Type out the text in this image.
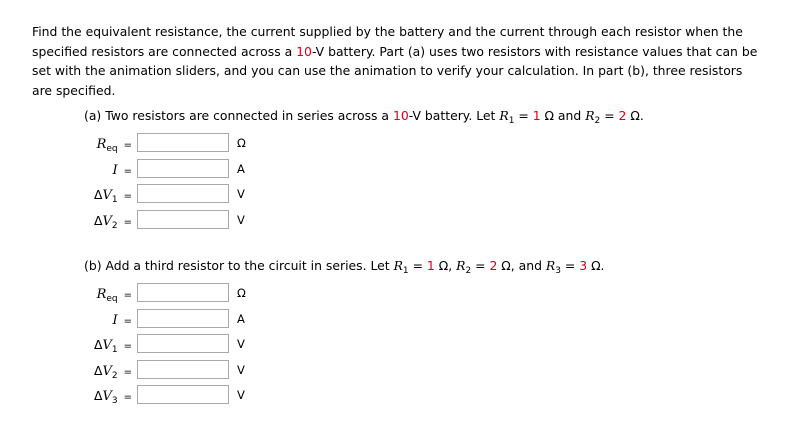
Find the equivalent resistance, the current supplied by the battery and the current through each resistor when the specified resistors are connected across a 10-V battery. Part (a) uses two resistors with resistance values that can be set with the animation sliders, and you can use the animation to verify your calculation. In part (b), three resistors are specified.
(a) Two resistors are connected in series across a 10-V battery. Let $R_1 = 1$ Ω and $R_2 = 2$ Ω.
$R_{eq}$ =	Ω
I =	A
$\Delta V_1$ =	V
$\Delta V_2$ =	V
(b) Add a third resistor to the circuit in series. Let $R_1 = 1$ Ω, $R_2 = 2$ Ω, and $R_3 = 3$ Ω.
$R_{eq}$ =	Ω
I =	A
$\Delta V_1$ =	V
$\Delta V_2$ =	V
$\Delta V_3$ =	V
